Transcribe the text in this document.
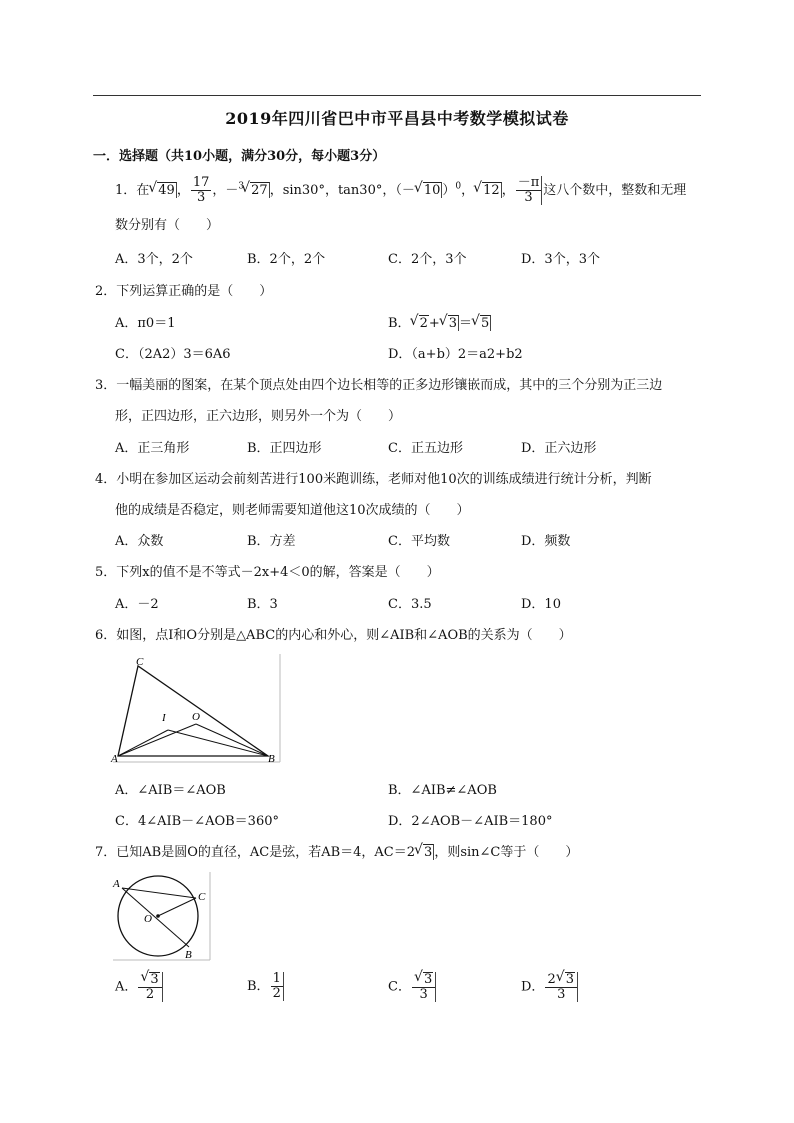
2019年四川省巴中市平昌县中考数学模拟试卷
一．选择题（共10小题，满分30分，每小题3分）
1．在 √ 49 ， $\frac{17}{3}$ ，－$^3$ √ 27 ，sin30°，tan30°，（－ √ 10 ）$^0$， √ 12 ， $\frac{-\pi}{3}$ 这八个数中，整数和无理
数分别有（　　）
A．3个，2个	B．2个，2个	C．2个，3个	D．3个，3个
2．下列运算正确的是（　　）
A．π0＝1	B． √ 2+ √ 3 ＝ √ 5
C．（2A2）3＝6A6	D．（a+b）2＝a2+b2
3．一幅美丽的图案，在某个顶点处由四个边长相等的正多边形镶嵌而成，其中的三个分别为正三边
形，正四边形，正六边形，则另外一个为（　　）
A．正三角形	B．正四边形	C．正五边形	D．正六边形
4．小明在参加区运动会前刻苦进行100米跑训练，老师对他10次的训练成绩进行统计分析，判断
他的成绩是否稳定，则老师需要知道他这10次成绩的（　　）
A．众数	B．方差	C．平均数	D．频数
5．下列x的值不是不等式－2x+4＜0的解，答案是（　　）
A．－2	B．3	C．3.5	D．10
6．如图，点I和O分别是△ABC的内心和外心，则∠AIB和∠AOB的关系为（　　）
C
I O
A	B
A．∠AIB＝∠AOB	B．∠AIB≠∠AOB
C．4∠AIB－∠AOB＝360°	D．2∠AOB－∠AIB＝180°
7．已知AB是圆O的直径，AC是弦，若AB＝4，AC＝2 √ 3 ，则sin∠C等于（　　）
A
C
O
B
A． √ $\frac{3}{2}$	B． $\frac{1}{2}$	C． √ $\frac{3}{3}$	D． $\frac{2 √ 3}{3}$
